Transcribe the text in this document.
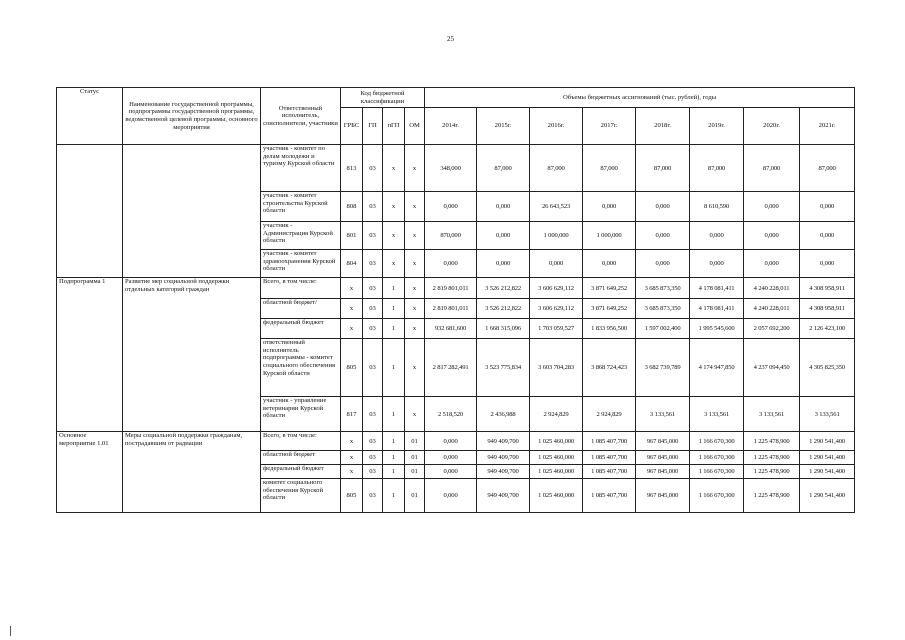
25
Статус	Наименование государственной программы, подпрограммы государственной программы, ведомственной целевой программы, основного мероприятия	Ответственный исполнитель, соисполнители, участники	Код бюджетной классификации				Объемы бюджетных ассигнований (тыс. рублей), годы							
			ГРБС	ГП	пГП	ОМ	2014г.	2015г.	2016г.	2017г.	2018г.	2019г.	2020г.	2021г.
		участник - комитет по делам молодежи и туризму Курской области	813	03	х	х	348,000	87,000	87,000	87,000	87,000	87,000	87,000	87,000
		участник - комитет строительства Курской области	808	03	х	х	0,000	0,000	26 643,523	0,000	0,000	8 610,590	0,000	0,000
		участник - Администрация Курской области	801	03	х	х	870,000	0,000	1 000,000	1 000,000	0,000	0,000	0,000	0,000
		участник - комитет здравоохранения Курской области	804	03	х	х	0,000	0,000	0,000	0,000	0,000	0,000	0,000	0,000
Подпрограмма 1	Развитие мер социальной поддержки отдельных категорий граждан	Всего, в том числе:	х	03	1	х	2 819 801,011	3 526 212,822	3 606 629,112	3 871 649,252	3 685 873,350	4 178 081,411	4 240 228,011	4 308 958,911
		областной бюджет/	х	03	1	х	2 819 801,011	3 526 212,822	3 606 629,112	3 871 649,252	3 685 873,350	4 178 081,411	4 240 228,011	4 308 958,911
		федеральный бюджет	х	03	1	х	932 681,600	1 668 315,096	1 703 059,527	1 833 956,500	1 597 002,400	1 995 545,600	2 057 692,200	2 126 423,100
		ответственный исполнитель подпрограммы - комитет социального обеспечения Курской области	805	03	1	х	2 817 282,491	3 523 775,834	3 603 704,283	3 868 724,423	3 682 739,789	4 174 947,850	4 237 094,450	4 305 825,350
		участник - управление ветеринарии Курской области	817	03	1	х	2 518,520	2 436,988	2 924,829	2 924,829	3 133,561	3 133,561	3 133,561	3 133,561
Основное мероприятие 1.01	Меры социальной поддержки гражданам, пострадавшим от радиации	Всего, в том числе:	х	03	1	01	0,000	949 409,700	1 025 460,000	1 085 407,700	967 845,000	1 166 670,300	1 225 478,900	1 290 541,400
		областной бюджет	х	03	1	01	0,000	949 409,700	1 025 460,000	1 085 407,700	967 845,000	1 166 670,300	1 225 478,900	1 290 541,400
		федеральный бюджет	х	03	1	01	0,000	949 409,700	1 025 460,000	1 085 407,700	967 845,000	1 166 670,300	1 225 478,900	1 290 541,400
		комитет социального обеспечения Курской области	805	03	1	01	0,000	949 409,700	1 025 460,000	1 085 407,700	967 845,000	1 166 670,300	1 225 478,900	1 290 541,400
